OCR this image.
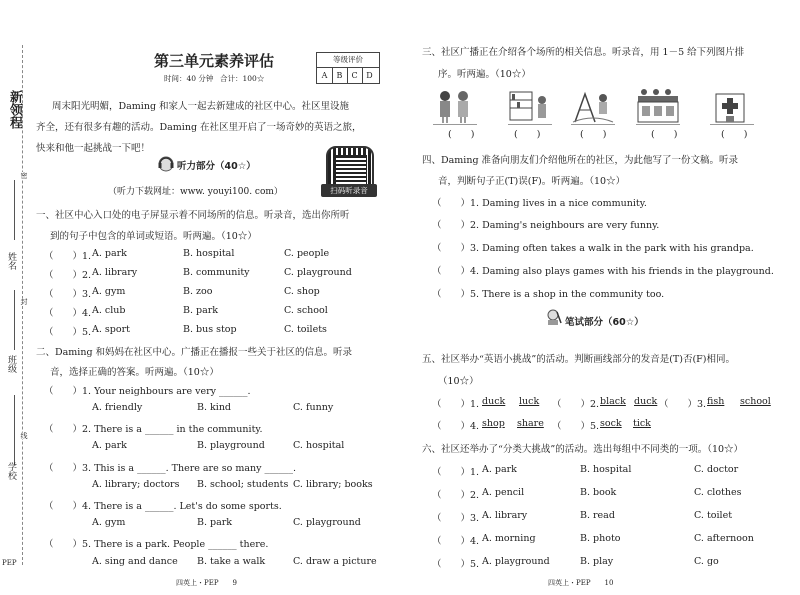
新领程
姓名
班级
学校
密
封
线
PEP
第三单元素养评估
时间：40 分钟 合计：100☆
等级评价
A	B	C	D
周末阳光明媚，Daming 和家人一起去新建成的社区中心。社区里设施
齐全，还有很多有趣的活动。Daming 在社区里开启了一场奇妙的英语之旅，
快来和他一起挑战一下吧！
听力部分（40☆）
（听力下载网址：www. youyi100. com）	扫码听录音
一、社区中心入口处的电子屏显示着不同场所的信息。听录音，选出你所听
到的句子中包含的单词或短语。听两遍。（10☆）
（　　）1. A. park	B. hospital	C. people
（　　）2. A. library	B. community	C. playground
（　　）3. A. gym	B. zoo	C. shop
（　　）4. A. club	B. park	C. school
（　　）5. A. sport	B. bus stop	C. toilets
二、Daming 和妈妈在社区中心。广播正在播报一些关于社区的信息。听录
音，选择正确的答案。听两遍。（10☆）
（　　）1. Your neighbours are very ______.
A. friendly	B. kind	C. funny
（　　）2. There is a ______ in the community.
A. park	B. playground	C. hospital
（　　）3. This is a ______. There are so many ______.
A. library; doctors B. school; students C. library; books
（　　）4. There is a ______. Let's do some sports.
A. gym	B. park	C. playground
（　　）5. There is a park. People ______ there.
A. sing and dance B. take a walk	C. draw a picture
四英上・PEP　　9
三、社区广播正在介绍各个场所的相关信息。听录音，用 1－5 给下列图片排
序。听两遍。（10☆）
(　　)	(　　)	(　　)	(　　)	(　　)
四、Daming 准备向朋友们介绍他所在的社区，为此他写了一份文稿。听录
音，判断句子正(T)误(F)。听两遍。（10☆）
（　　）1. Daming lives in a nice community.
（　　）2. Daming's neighbours are very funny.
（　　）3. Daming often takes a walk in the park with his grandpa.
（　　）4. Daming also plays games with his friends in the playground.
（　　）5. There is a shop in the community too.
笔试部分（60☆）
五、社区举办“英语小挑战”的活动。判断画线部分的发音是(T)否(F)相同。
（10☆）
（　　）1. duck luck （　　）2. black duck （　　）3. fish school
（　　）4. shop share （　　）5. sock tick
六、社区还举办了“分类大挑战”的活动。选出每组中不同类的一项。（10☆）
（　　）1. A. park	B. hospital	C. doctor
（　　）2. A. pencil	B. book	C. clothes
（　　）3. A. library	B. read	C. toilet
（　　）4. A. morning	B. photo	C. afternoon
（　　）5. A. playground	B. play	C. go
四英上・PEP　　10
